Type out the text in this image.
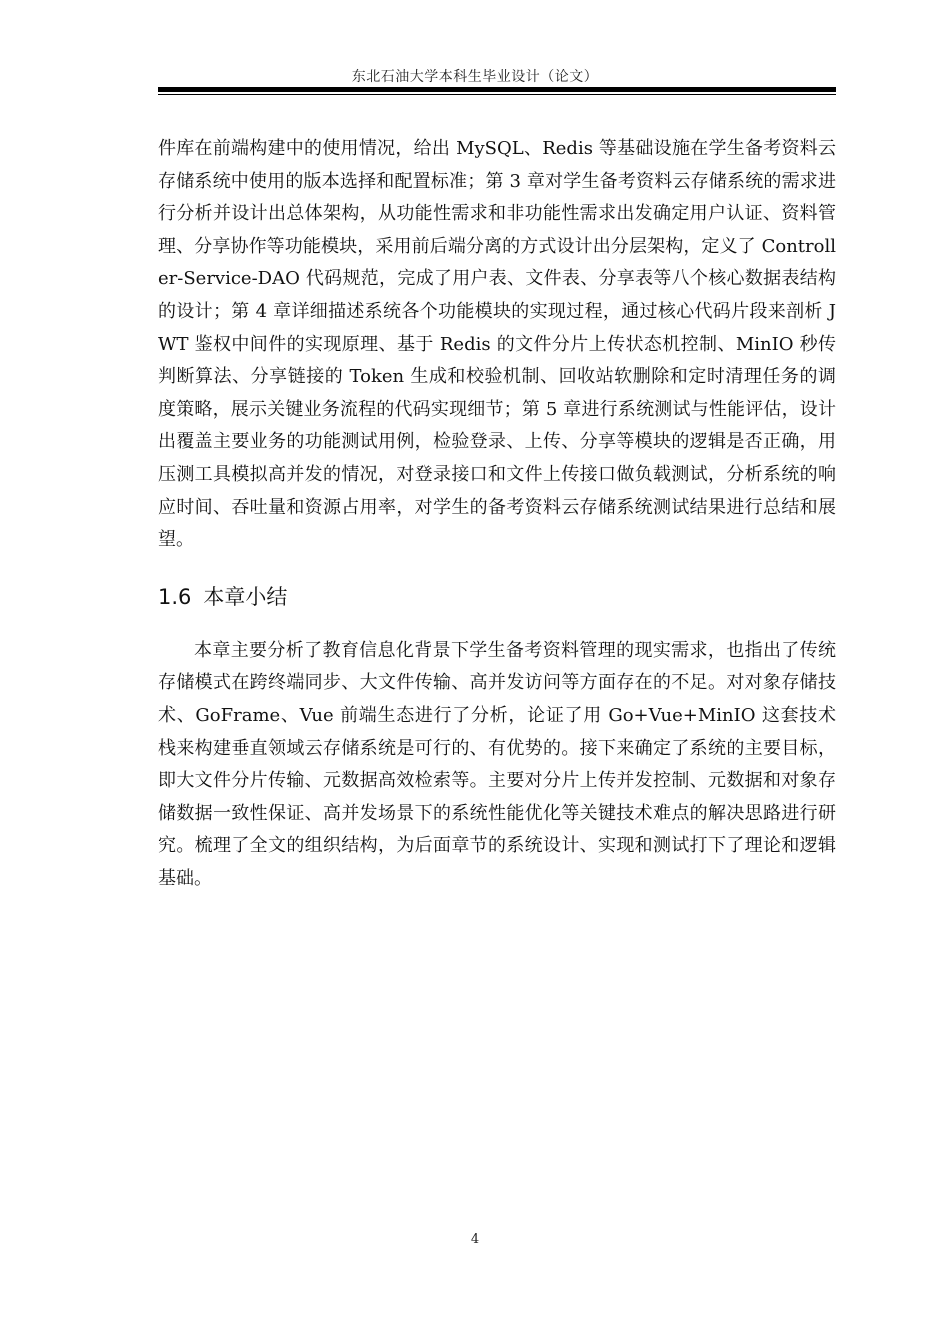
东北石油大学本科生毕业设计（论文）

件库在前端构建中的使用情况，给出 MySQL、Redis 等基础设施在学生备考资料云存储系统中使用的版本选择和配置标准；第 3 章对学生备考资料云存储系统的需求进行分析并设计出总体架构，从功能性需求和非功能性需求出发确定用户认证、资料管理、分享协作等功能模块，采用前后端分离的方式设计出分层架构，定义了 Controller-Service-DAO 代码规范，完成了用户表、文件表、分享表等八个核心数据表结构的设计；第 4 章详细描述系统各个功能模块的实现过程，通过核心代码片段来剖析 JWT 鉴权中间件的实现原理、基于 Redis 的文件分片上传状态机控制、MinIO 秒传判断算法、分享链接的 Token 生成和校验机制、回收站软删除和定时清理任务的调度策略，展示关键业务流程的代码实现细节；第 5 章进行系统测试与性能评估，设计出覆盖主要业务的功能测试用例，检验登录、上传、分享等模块的逻辑是否正确，用压测工具模拟高并发的情况，对登录接口和文件上传接口做负载测试，分析系统的响应时间、吞吐量和资源占用率，对学生的备考资料云存储系统测试结果进行总结和展望。

1.6 本章小结

本章主要分析了教育信息化背景下学生备考资料管理的现实需求，也指出了传统存储模式在跨终端同步、大文件传输、高并发访问等方面存在的不足。对对象存储技术、GoFrame、Vue 前端生态进行了分析，论证了用 Go+Vue+MinIO 这套技术栈来构建垂直领域云存储系统是可行的、有优势的。接下来确定了系统的主要目标，即大文件分片传输、元数据高效检索等。主要对分片上传并发控制、元数据和对象存储数据一致性保证、高并发场景下的系统性能优化等关键技术难点的解决思路进行研究。梳理了全文的组织结构，为后面章节的系统设计、实现和测试打下了理论和逻辑基础。

4
